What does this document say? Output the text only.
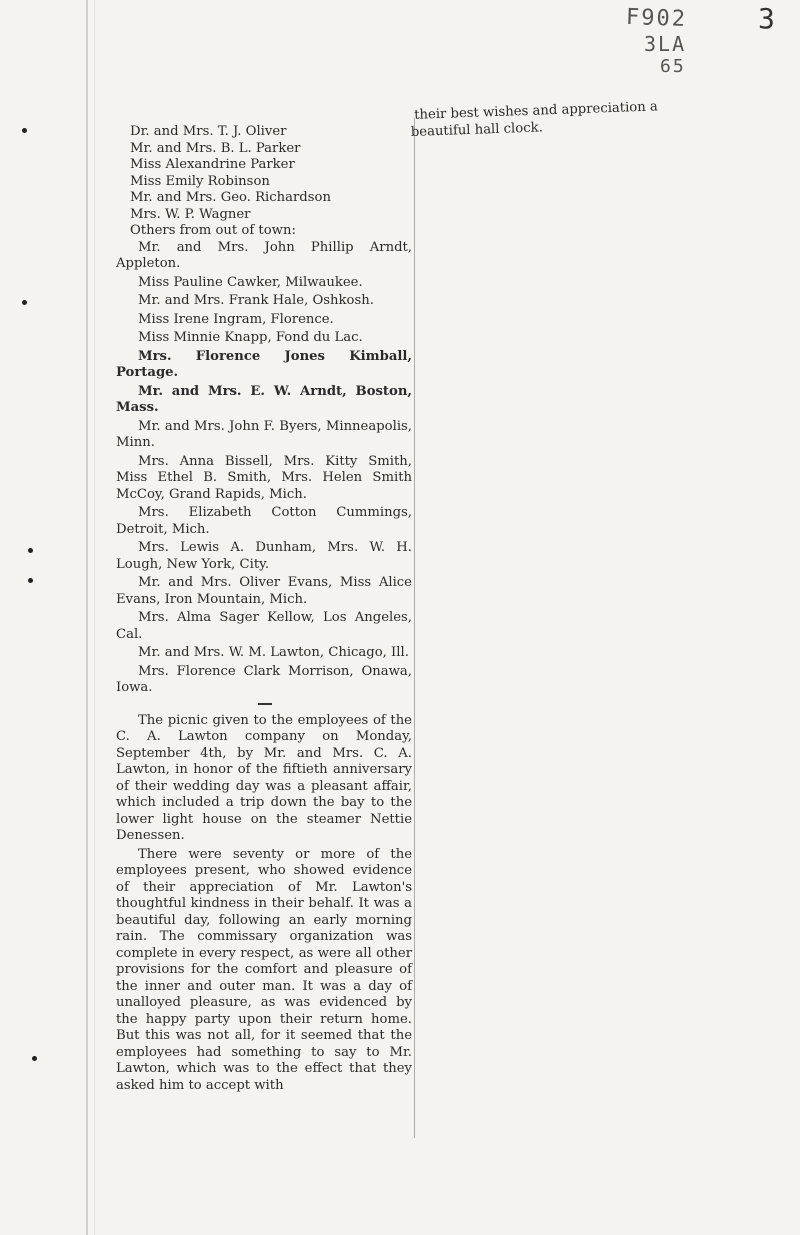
F902
3LA
65
3
Dr. and Mrs. T. J. Oliver
Mr. and Mrs. B. L. Parker
Miss Alexandrine Parker
Miss Emily Robinson
Mr. and Mrs. Geo. Richardson
Mrs. W. P. Wagner
Others from out of town:
Mr. and Mrs. John Phillip Arndt, Appleton.
Miss Pauline Cawker, Milwaukee.
Mr. and Mrs. Frank Hale, Oshkosh.
Miss Irene Ingram, Florence.
Miss Minnie Knapp, Fond du Lac.
Mrs. Florence Jones Kimball, Portage.
Mr. and Mrs. E. W. Arndt, Boston, Mass.
Mr. and Mrs. John F. Byers, Minneapolis, Minn.
Mrs. Anna Bissell, Mrs. Kitty Smith, Miss Ethel B. Smith, Mrs. Helen Smith McCoy, Grand Rapids, Mich.
Mrs. Elizabeth Cotton Cummings, Detroit, Mich.
Mrs. Lewis A. Dunham, Mrs. W. H. Lough, New York, City.
Mr. and Mrs. Oliver Evans, Miss Alice Evans, Iron Mountain, Mich.
Mrs. Alma Sager Kellow, Los Angeles, Cal.
Mr. and Mrs. W. M. Lawton, Chicago, Ill.
Mrs. Florence Clark Morrison, Onawa, Iowa.

The picnic given to the employees of the C. A. Lawton company on Monday, September 4th, by Mr. and Mrs. C. A. Lawton, in honor of the fiftieth anniversary of their wedding day was a pleasant affair, which included a trip down the bay to the lower light house on the steamer Nettie Denessen.

There were seventy or more of the employees present, who showed evidence of their appreciation of Mr. Lawton's thoughtful kindness in their behalf. It was a beautiful day, following an early morning rain. The commissary organization was complete in every respect, as were all other provisions for the comfort and pleasure of the inner and outer man. It was a day of unalloyed pleasure, as was evidenced by the happy party upon their return home. But this was not all, for it seemed that the employees had something to say to Mr. Lawton, which was to the effect that they asked him to accept with

their best wishes and appreciation a beautiful hall clock.
